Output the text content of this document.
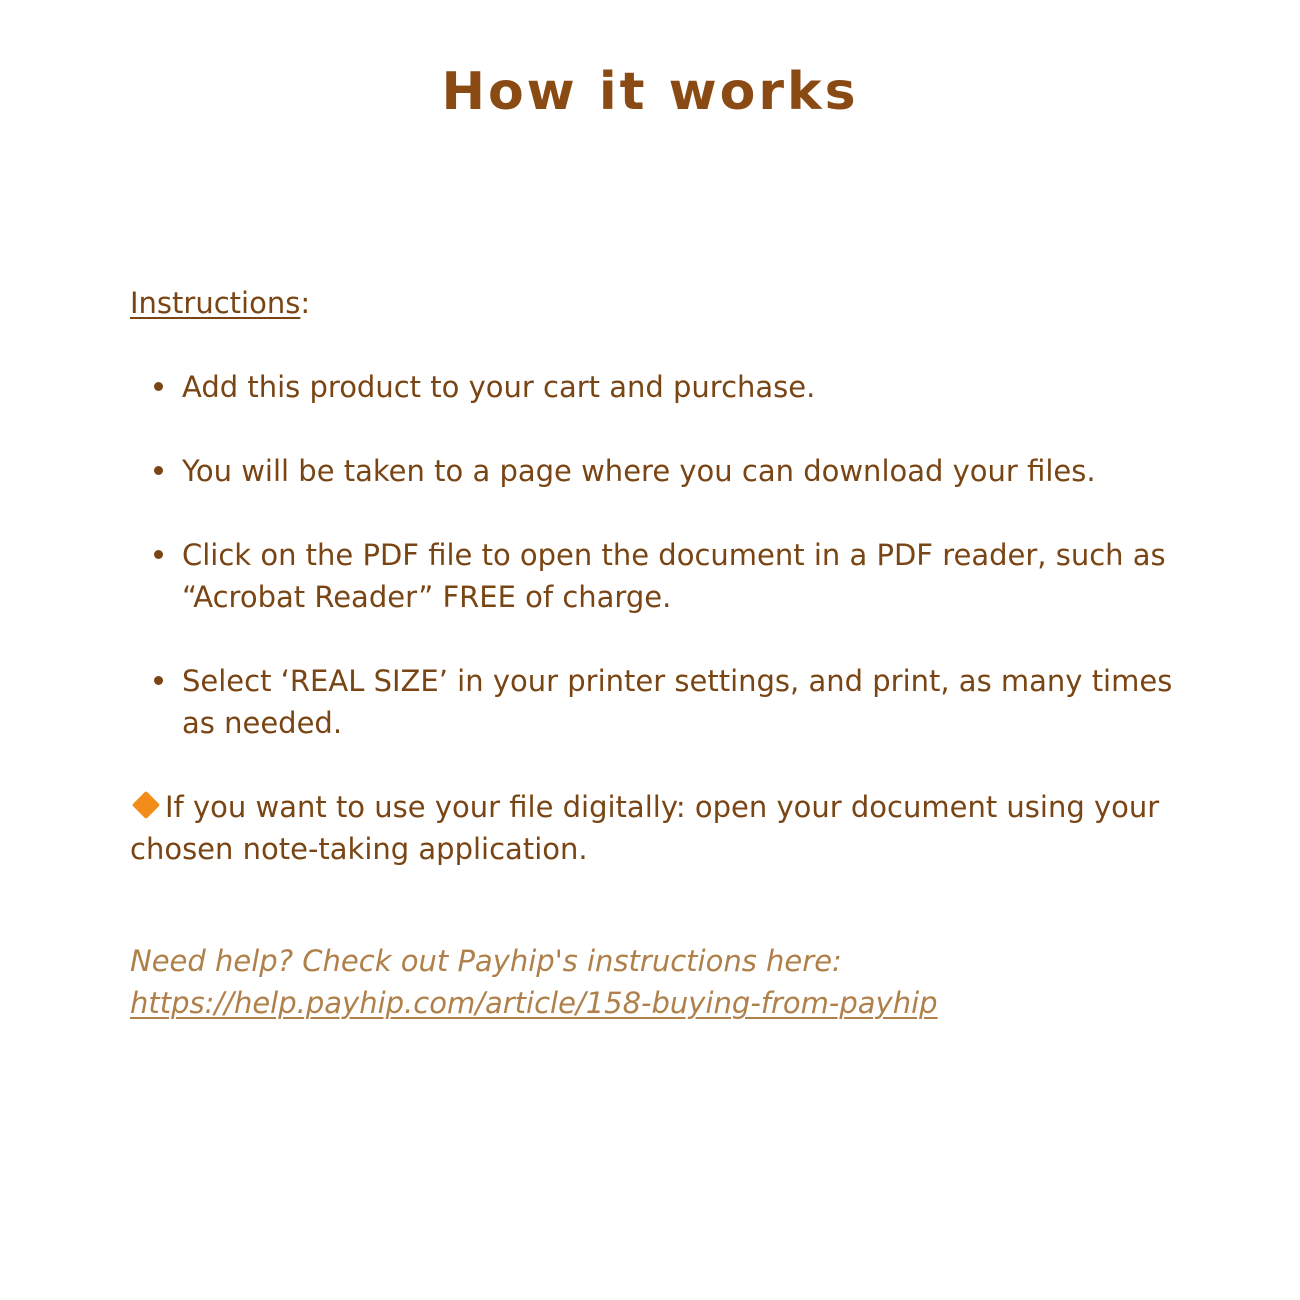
How it works

Instructions:

Add this product to your cart and purchase.
You will be taken to a page where you can download your files.
Click on the PDF file to open the document in a PDF reader, such as “Acrobat Reader” FREE of charge.
Select ‘REAL SIZE’ in your printer settings, and print, as many times as needed.

If you want to use your file digitally: open your document using your chosen note-taking application.

Need help? Check out Payhip's instructions here:
https://help.payhip.com/article/158-buying-from-payhip
